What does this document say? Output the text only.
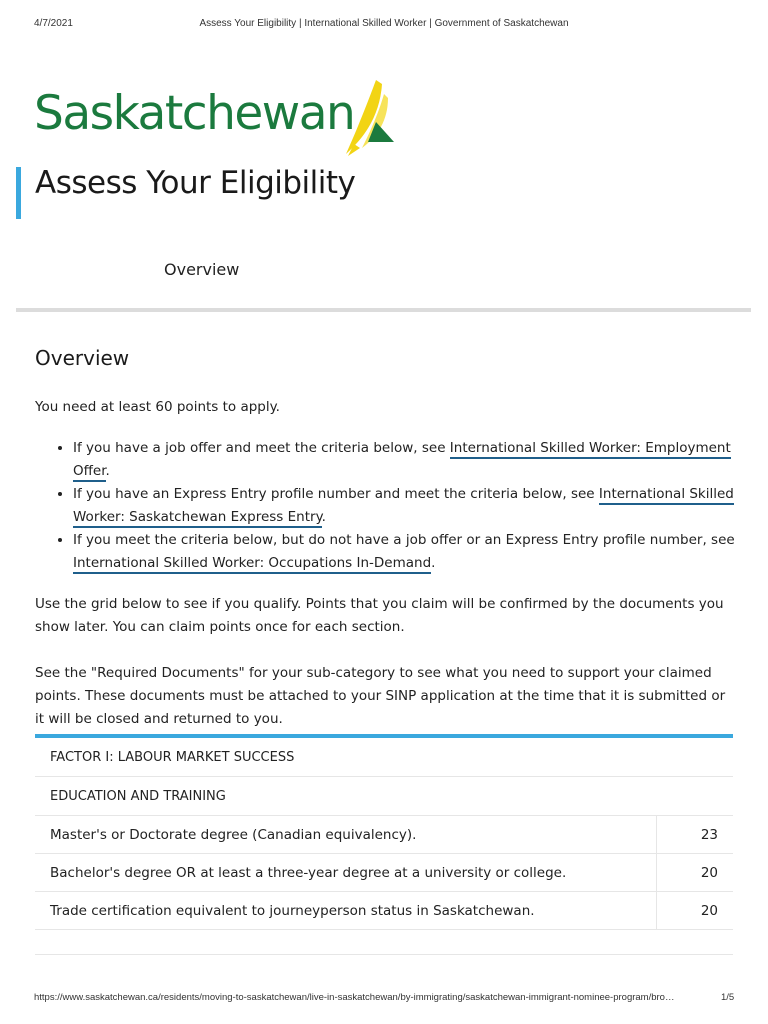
4/7/2021	Assess Your Eligibility | International Skilled Worker | Government of Saskatchewan
Saskatchewan
Assess Your Eligibility
Overview
Overview

You need at least 60 points to apply.

• If you have a job offer and meet the criteria below, see International Skilled Worker: Employment Offer.
• If you have an Express Entry profile number and meet the criteria below, see International Skilled Worker: Saskatchewan Express Entry.
• If you meet the criteria below, but do not have a job offer or an Express Entry profile number, see International Skilled Worker: Occupations In-Demand.

Use the grid below to see if you qualify. Points that you claim will be confirmed by the documents you show later. You can claim points once for each section.

See the "Required Documents" for your sub-category to see what you need to support your claimed points. These documents must be attached to your SINP application at the time that it is submitted or it will be closed and returned to you.

FACTOR I: LABOUR MARKET SUCCESS
EDUCATION AND TRAINING
Master's or Doctorate degree (Canadian equivalency).	23
Bachelor's degree OR at least a three-year degree at a university or college.	20
Trade certification equivalent to journeyperson status in Saskatchewan.	20
https://www.saskatchewan.ca/residents/moving-to-saskatchewan/live-in-saskatchewan/by-immigrating/saskatchewan-immigrant-nominee-program/bro…	1/5
